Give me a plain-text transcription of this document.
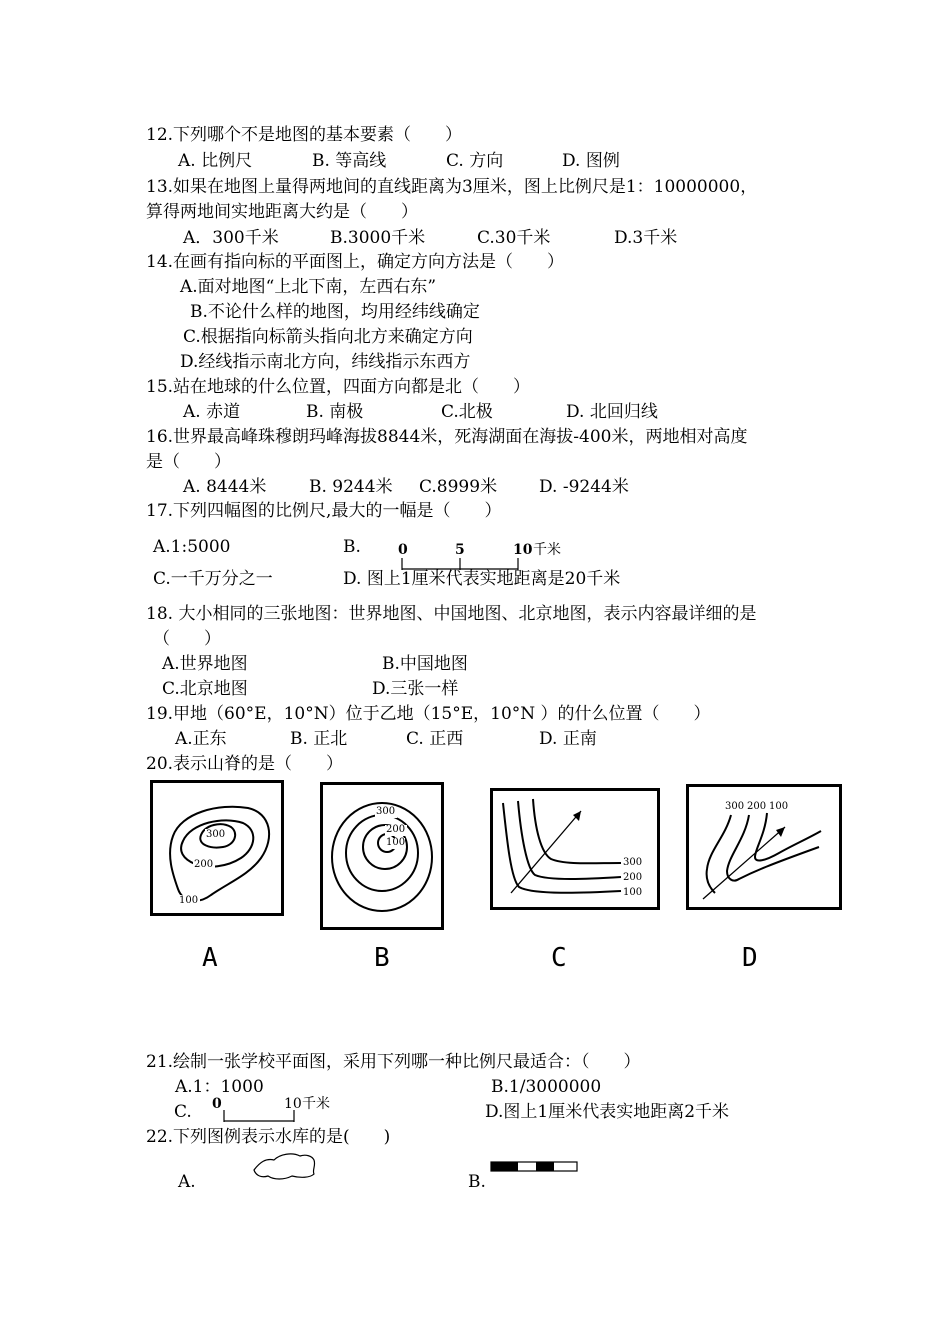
12.下列哪个不是地图的基本要素（　　）
A. 比例尺	B. 等高线	C. 方向	D. 图例
13.如果在地图上量得两地间的直线距离为3厘米，图上比例尺是1：10000000，
算得两地间实地距离大约是（　　）
A．300千米	B.3000千米	C.30千米	D.3千米
14.在画有指向标的平面图上，确定方向方法是（　　）
A.面对地图“上北下南，左西右东”
B.不论什么样的地图，均用经纬线确定
C.根据指向标箭头指向北方来确定方向
D.经线指示南北方向，纬线指示东西方
15.站在地球的什么位置，四面方向都是北（　　）
A. 赤道	B. 南极	C.北极	D. 北回归线
16.世界最高峰珠穆朗玛峰海拔8844米，死海湖面在海拔-400米，两地相对高度
是（　　）
A. 8444米	B. 9244米 C.8999米 D. -9244米
17.下列四幅图的比例尺,最大的一幅是（　　）
A.1:5000	B.	0	5	10 千米
C.一千万分之一	D. 图上1厘米代表实地距离是20千米
18. 大小相同的三张地图：世界地图、中国地图、北京地图，表示内容最详细的是
（　　）
A.世界地图	B.中国地图
C.北京地图	D.三张一样
19.甲地（60°E，10°N）位于乙地（15°E，10°N ）的什么位置（　　）
A.正东	B. 正北	C. 正西	D. 正南
20.表示山脊的是（　　）
300
200
100
300
200
100
300
200
100
300 200 100
A	B	C	D
21.绘制一张学校平面图，采用下列哪一种比例尺最适合：（　　）
A.1：1000	B.1/3000000
C. 0	10 千米	D.图上1厘米代表实地距离2千米
22.下列图例表示水库的是(　　)
A.	B.
